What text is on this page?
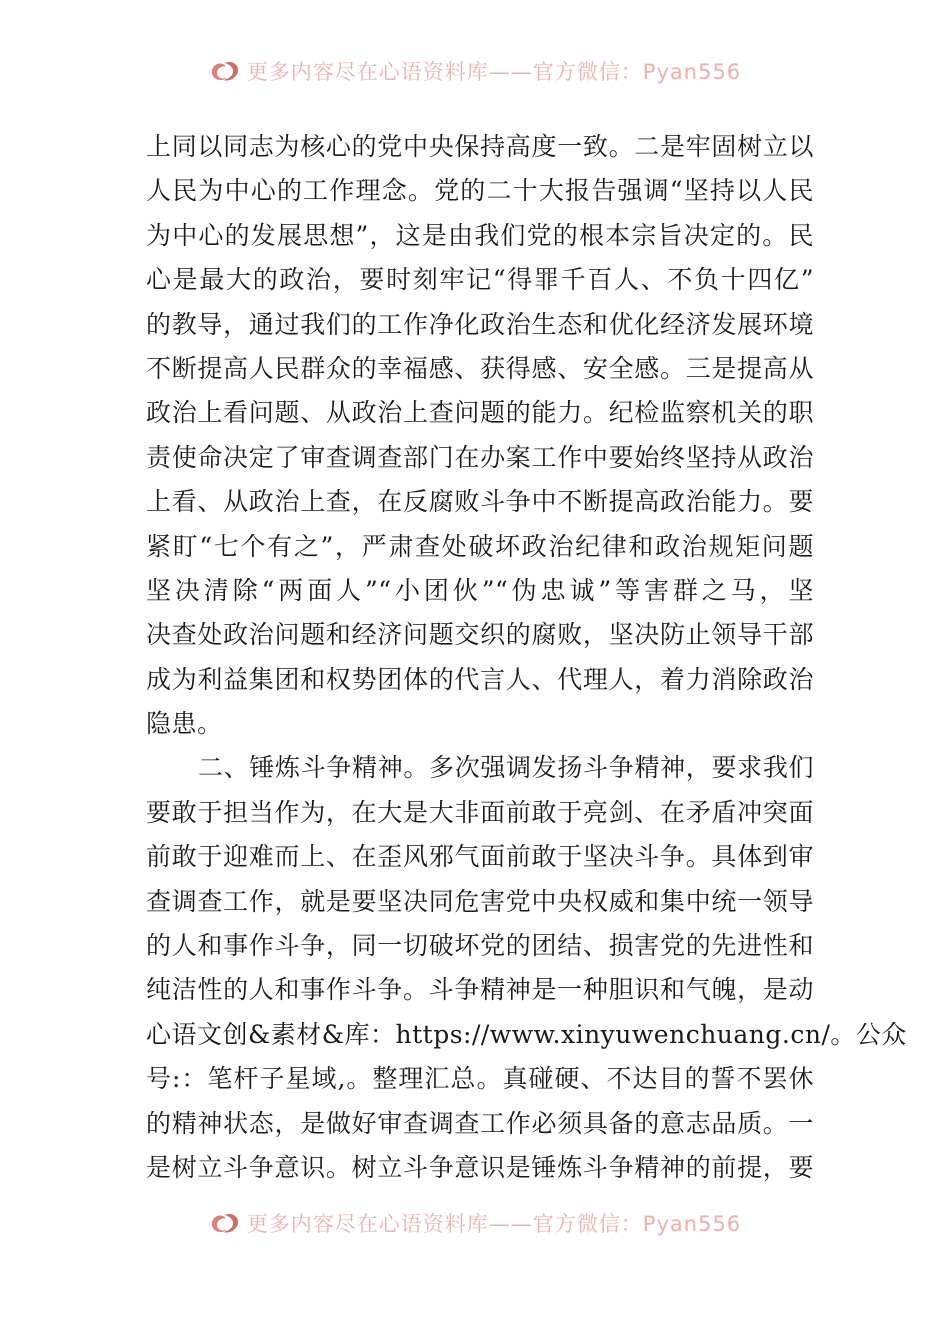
更多内容尽在心语资料库——官方微信：Pyan556
上同以同志为核心的党中央保持高度一致。二是牢固树立以
人民为中心的工作理念。党的二十大报告强调“坚持以人民
为中心的发展思想”，这是由我们党的根本宗旨决定的。民
心是最大的政治，要时刻牢记“得罪千百人、不负十四亿”
的教导，通过我们的工作净化政治生态和优化经济发展环境
不断提高人民群众的幸福感、获得感、安全感。三是提高从
政治上看问题、从政治上查问题的能力。纪检监察机关的职
责使命决定了审查调查部门在办案工作中要始终坚持从政治
上看、从政治上查，在反腐败斗争中不断提高政治能力。要
紧盯“七个有之”，严肃查处破坏政治纪律和政治规矩问题
坚决清除“两面人”“小团伙”“伪忠诚”等害群之马，坚
决查处政治问题和经济问题交织的腐败，坚决防止领导干部
成为利益集团和权势团体的代言人、代理人，着力消除政治
隐患。
二、锤炼斗争精神。多次强调发扬斗争精神，要求我们
要敢于担当作为，在大是大非面前敢于亮剑、在矛盾冲突面
前敢于迎难而上、在歪风邪气面前敢于坚决斗争。具体到审
查调查工作，就是要坚决同危害党中央权威和集中统一领导
的人和事作斗争，同一切破坏党的团结、损害党的先进性和
纯洁性的人和事作斗争。斗争精神是一种胆识和气魄，是动
心语文创&素材&库：https://www.xinyuwenchuang.cn/。公众
号:：笔杆子星域,。整理汇总。真碰硬、不达目的誓不罢休
的精神状态，是做好审查调查工作必须具备的意志品质。一
是树立斗争意识。树立斗争意识是锤炼斗争精神的前提，要
更多内容尽在心语资料库——官方微信：Pyan556
